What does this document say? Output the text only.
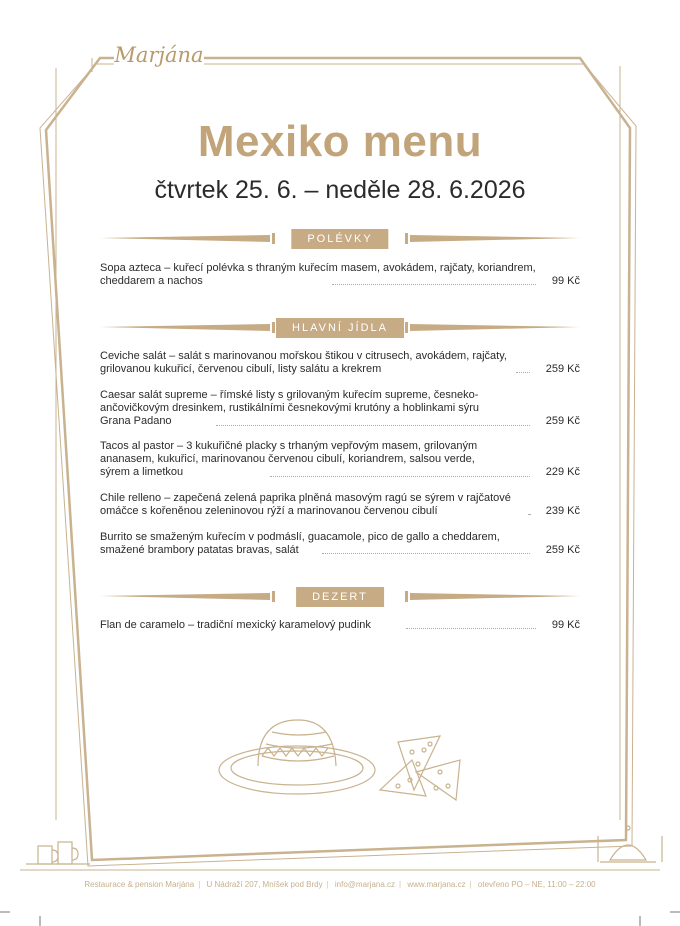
Marjána
Mexiko menu
čtvrtek 25. 6. – neděle 28. 6.2026
POLÉVKY
Sopa azteca – kuřecí polévka s thraným kuřecím masem, avokádem, rajčaty, koriandrem, cheddarem a nachos	99 Kč
HLAVNÍ JÍDLA
Ceviche salát – salát s marinovanou mořskou štikou v citrusech, avokádem, rajčaty, grilovanou kukuřicí, červenou cibulí, listy salátu a krekrem	259 Kč
Caesar salát supreme – římské listy s grilovaným kuřecím supreme, česneko-ančovičkovým dresinkem, rustikálními česnekovými krutóny a hoblinkami sýru Grana Padano	259 Kč
Tacos al pastor – 3 kukuřičné placky s trhaným vepřovým masem, grilovaným ananasem, kukuřicí, marinovanou červenou cibulí, koriandrem, salsou verde, sýrem a limetkou	229 Kč
Chile relleno – zapečená zelená paprika plněná masovým ragú se sýrem v rajčatové omáčce s kořeněnou zeleninovou rýží a marinovanou červenou cibulí	239 Kč
Burrito se smaženým kuřecím v podmáslí, guacamole, pico de gallo a cheddarem, smažené brambory patatas bravas, salát	259 Kč
DEZERT
Flan de caramelo – tradiční mexický karamelový pudink	99 Kč
Restaurace & pension Marjána | U Nádraží 207, Mníšek pod Brdy | info@marjana.cz | www.marjana.cz | otevřeno PO – NE, 11:00 – 22:00
